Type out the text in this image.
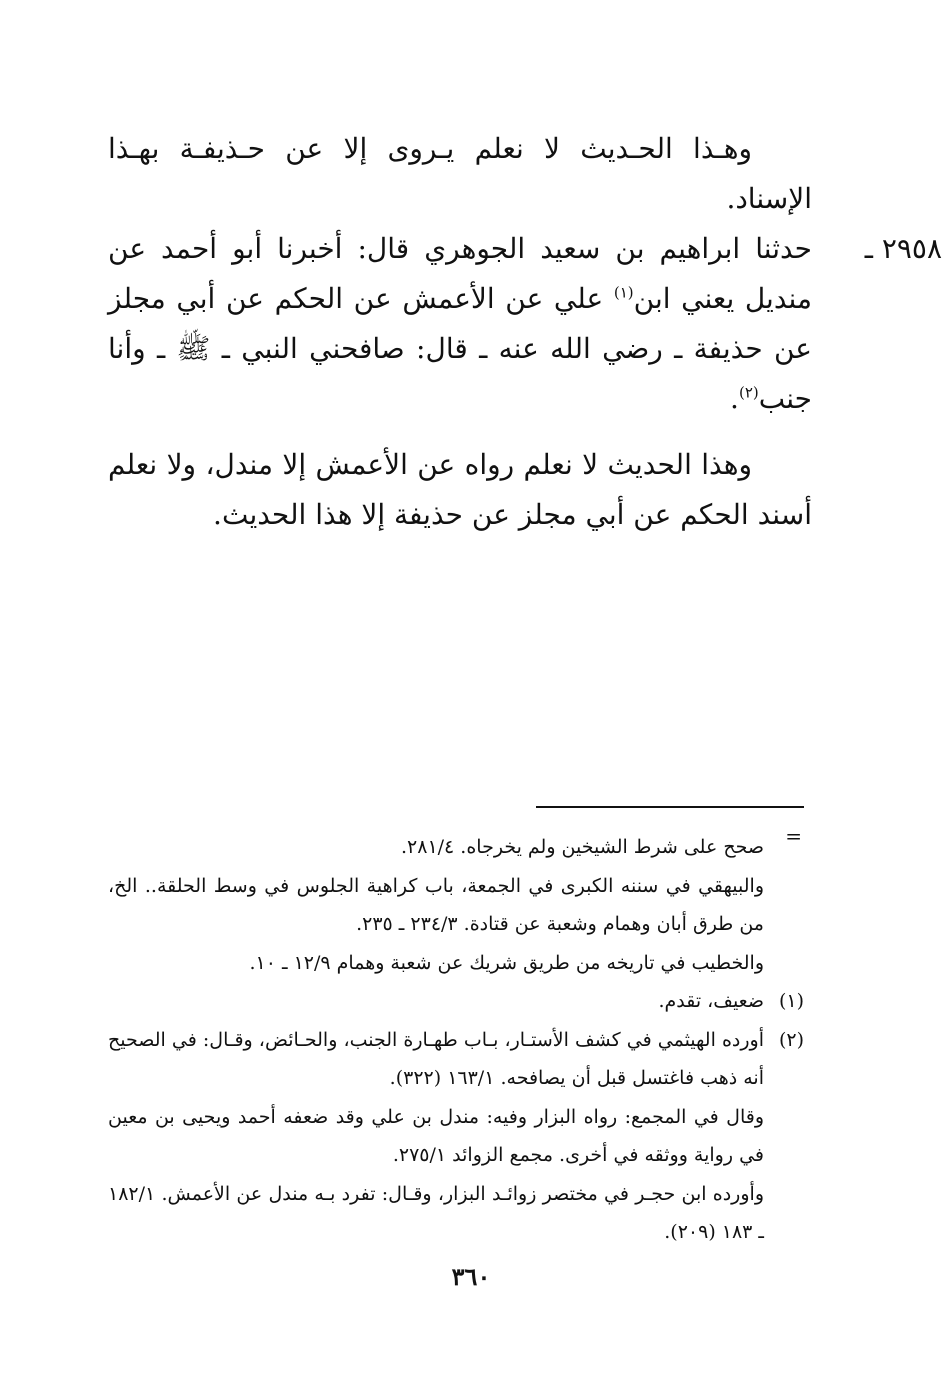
وهـذا الحـديث لا نعلم يـروى إلا عن حـذيفـة بهـذا الإسناد.

٢٩٥٨ ـ

حدثنا ابراهيم بن سعيد الجوهري قال: أخبرنا أبو أحمد عن منديل يعني ابن$^{(١)}$ علي عن الأعمش عن الحكم عن أبي مجلز عن حذيفة ـ رضي الله عنه ـ قال: صافحني النبي ـ ﷺ ـ وأنا جنب$^{(٢)}$.

وهذا الحديث لا نعلم رواه عن الأعمش إلا مندل، ولا نعلم أسند الحكم عن أبي مجلز عن حذيفة إلا هذا الحديث.

=

صحح على شرط الشيخين ولم يخرجاه. ٢٨١/٤.

والبيهقي في سننه الكبرى في الجمعة، باب كراهية الجلوس في وسط الحلقة.. الخ، من طرق أبان وهمام وشعبة عن قتادة. ٢٣٤/٣ ـ ٢٣٥.

والخطيب في تاريخه من طريق شريك عن شعبة وهمام ١٢/٩ ـ ١٠.

(١)

ضعيف، تقدم.

(٢)

أورده الهيثمي في كشف الأستـار، بـاب طهـارة الجنب، والحـائض، وقـال: في الصحيح أنه ذهب فاغتسل قبل أن يصافحه. ١٦٣/١ (٣٢٢).

وقال في المجمع: رواه البزار وفيه: مندل بن علي وقد ضعفه أحمد ويحيى بن معين في رواية ووثقه في أخرى. مجمع الزوائد ٢٧٥/١.

وأورده ابن حجـر في مختصر زوائـد البزار، وقـال: تفرد بـه مندل عن الأعمش. ١٨٢/١ ـ ١٨٣ (٢٠٩).

٣٦٠
